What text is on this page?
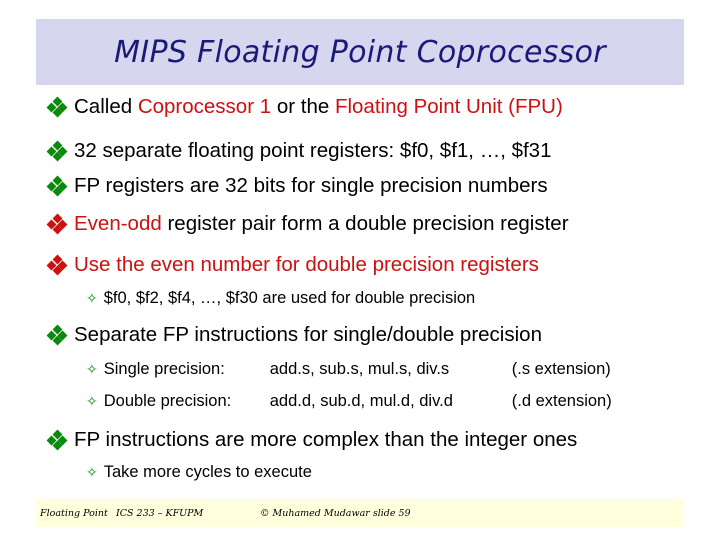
MIPS Floating Point Coprocessor
Called Coprocessor 1 or the Floating Point Unit (FPU)
32 separate floating point registers: $f0, $f1, …, $f31
FP registers are 32 bits for single precision numbers
Even-odd register pair form a double precision register
Use the even number for double precision registers
✧ $f0, $f2, $f4, …, $f30 are used for double precision
Separate FP instructions for single/double precision
✧ Single precision:	add.s, sub.s, mul.s, div.s	(.s extension)
✧ Double precision:	add.d, sub.d, mul.d, div.d	(.d extension)
FP instructions are more complex than the integer ones
✧ Take more cycles to execute
Floating Point ICS 233 – KFUPM	© Muhamed Mudawar slide 59
